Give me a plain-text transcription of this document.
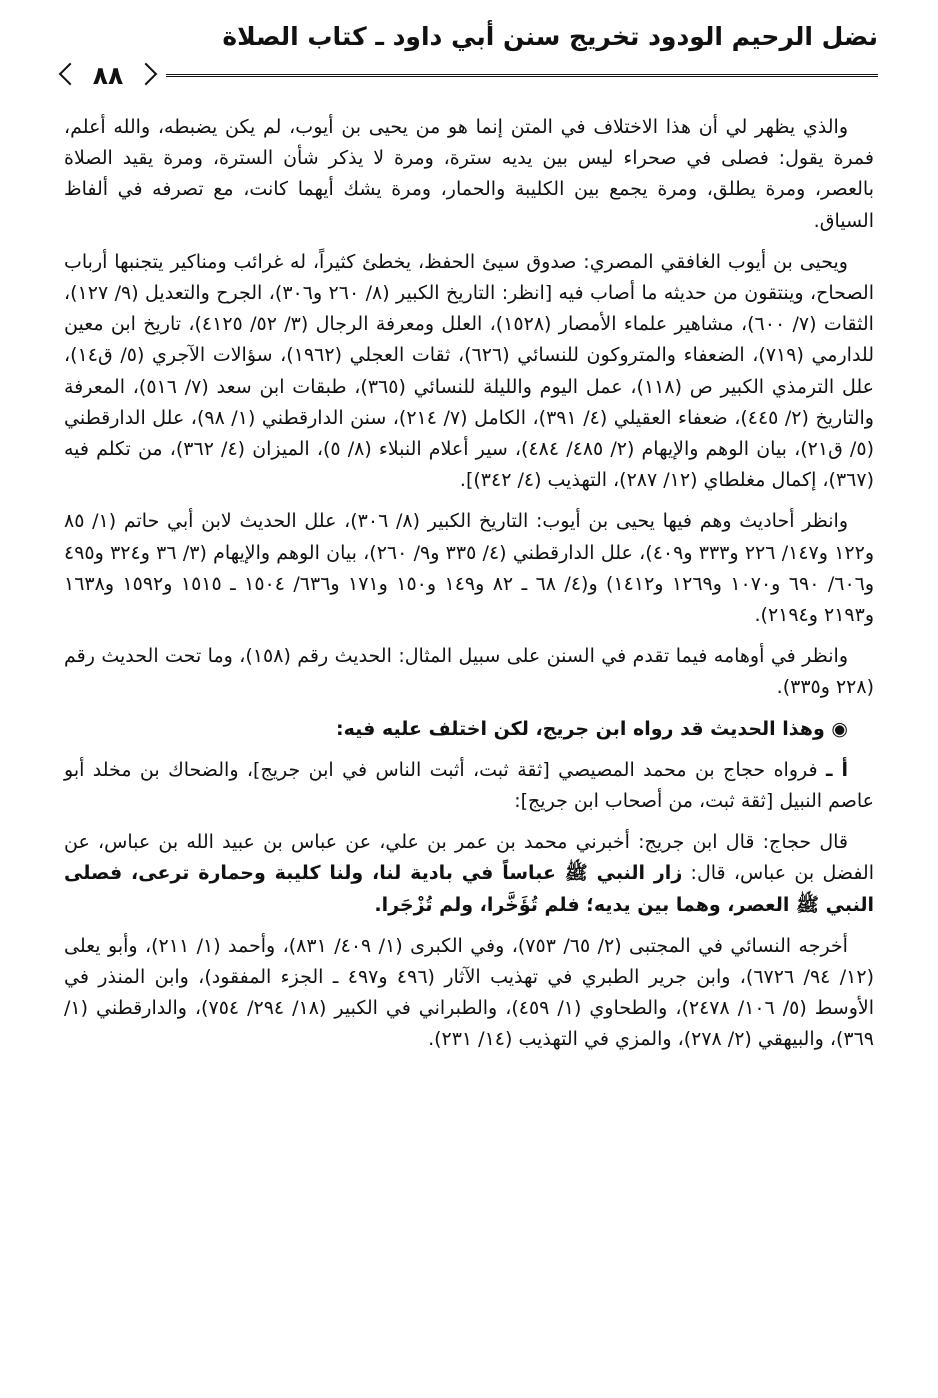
نضل الرحيم الودود تخريج سنن أبي داود ـ كتاب الصلاة
٨٨

والذي يظهر لي أن هذا الاختلاف في المتن إنما هو من يحيى بن أيوب، لم يكن يضبطه، والله أعلم، فمرة يقول: فصلى في صحراء ليس بين يديه سترة، ومرة لا يذكر شأن السترة، ومرة يقيد الصلاة بالعصر، ومرة يطلق، ومرة يجمع بين الكليبة والحمار، ومرة يشك أيهما كانت، مع تصرفه في ألفاظ السياق.

ويحيى بن أيوب الغافقي المصري: صدوق سيئ الحفظ، يخطئ كثيراً، له غرائب ومناكير يتجنبها أرباب الصحاح، وينتقون من حديثه ما أصاب فيه [انظر: التاريخ الكبير (٨/ ٢٦٠ و٣٠٦)، الجرح والتعديل (٩/ ١٢٧)، الثقات (٧/ ٦٠٠)، مشاهير علماء الأمصار (١٥٢٨)، العلل ومعرفة الرجال (٣/ ٥٢/ ٤١٢٥)، تاريخ ابن معين للدارمي (٧١٩)، الضعفاء والمتروكون للنسائي (٦٢٦)، ثقات العجلي (١٩٦٢)، سؤالات الآجري (٥/ ق١٤)، علل الترمذي الكبير ص (١١٨)، عمل اليوم والليلة للنسائي (٣٦٥)، طبقات ابن سعد (٧/ ٥١٦)، المعرفة والتاريخ (٢/ ٤٤٥)، ضعفاء العقيلي (٤/ ٣٩١)، الكامل (٧/ ٢١٤)، سنن الدارقطني (١/ ٩٨)، علل الدارقطني (٥/ ق٢١)، بيان الوهم والإيهام (٢/ ٤٨٥/ ٤٨٤)، سير أعلام النبلاء (٨/ ٥)، الميزان (٤/ ٣٦٢)، من تكلم فيه (٣٦٧)، إكمال مغلطاي (١٢/ ٢٨٧)، التهذيب (٤/ ٣٤٢)].

وانظر أحاديث وهم فيها يحيى بن أيوب: التاريخ الكبير (٨/ ٣٠٦)، علل الحديث لابن أبي حاتم (١/ ٨٥ و١٢٢ و١٤٧/ ٢٢٦ و٣٣٣ و٤٠٩)، علل الدارقطني (٤/ ٣٣٥ و٩/ ٢٦٠)، بيان الوهم والإيهام (٣/ ٣٦ و٣٢٤ و٤٩٥ و٦٠٦/ ٦٩٠ و١٠٧٠ و١٢٦٩ و١٤١٢) و(٤/ ٦٨ ـ ٨٢ و١٤٩ و١٥٠ و١٧١ و٦٣٦/ ١٥٠٤ ـ ١٥١٥ و١٥٩٢ و١٦٣٨ و٢١٩٣ و٢١٩٤).

وانظر في أوهامه فيما تقدم في السنن على سبيل المثال: الحديث رقم (١٥٨)، وما تحت الحديث رقم (٢٢٨ و٣٣٥).

◉ وهذا الحديث قد رواه ابن جريج، لكن اختلف عليه فيه:

أ ـ فرواه حجاج بن محمد المصيصي [ثقة ثبت، أثبت الناس في ابن جريج]، والضحاك بن مخلد أبو عاصم النبيل [ثقة ثبت، من أصحاب ابن جريج]:

قال حجاج: قال ابن جريج: أخبرني محمد بن عمر بن علي، عن عباس بن عبيد الله بن عباس، عن الفضل بن عباس، قال: زار النبي ﷺ عباساً في بادية لنا، ولنا كليبة وحمارة ترعى، فصلى النبي ﷺ العصر، وهما بين يديه؛ فلم تُؤَخَّرا، ولم تُزْجَرا.

أخرجه النسائي في المجتبى (٢/ ٦٥/ ٧٥٣)، وفي الكبرى (١/ ٤٠٩/ ٨٣١)، وأحمد (١/ ٢١١)، وأبو يعلى (١٢/ ٩٤/ ٦٧٢٦)، وابن جرير الطبري في تهذيب الآثار (٤٩٦ و٤٩٧ ـ الجزء المفقود)، وابن المنذر في الأوسط (٥/ ١٠٦/ ٢٤٧٨)، والطحاوي (١/ ٤٥٩)، والطبراني في الكبير (١٨/ ٢٩٤/ ٧٥٤)، والدارقطني (١/ ٣٦٩)، والبيهقي (٢/ ٢٧٨)، والمزي في التهذيب (١٤/ ٢٣١).
